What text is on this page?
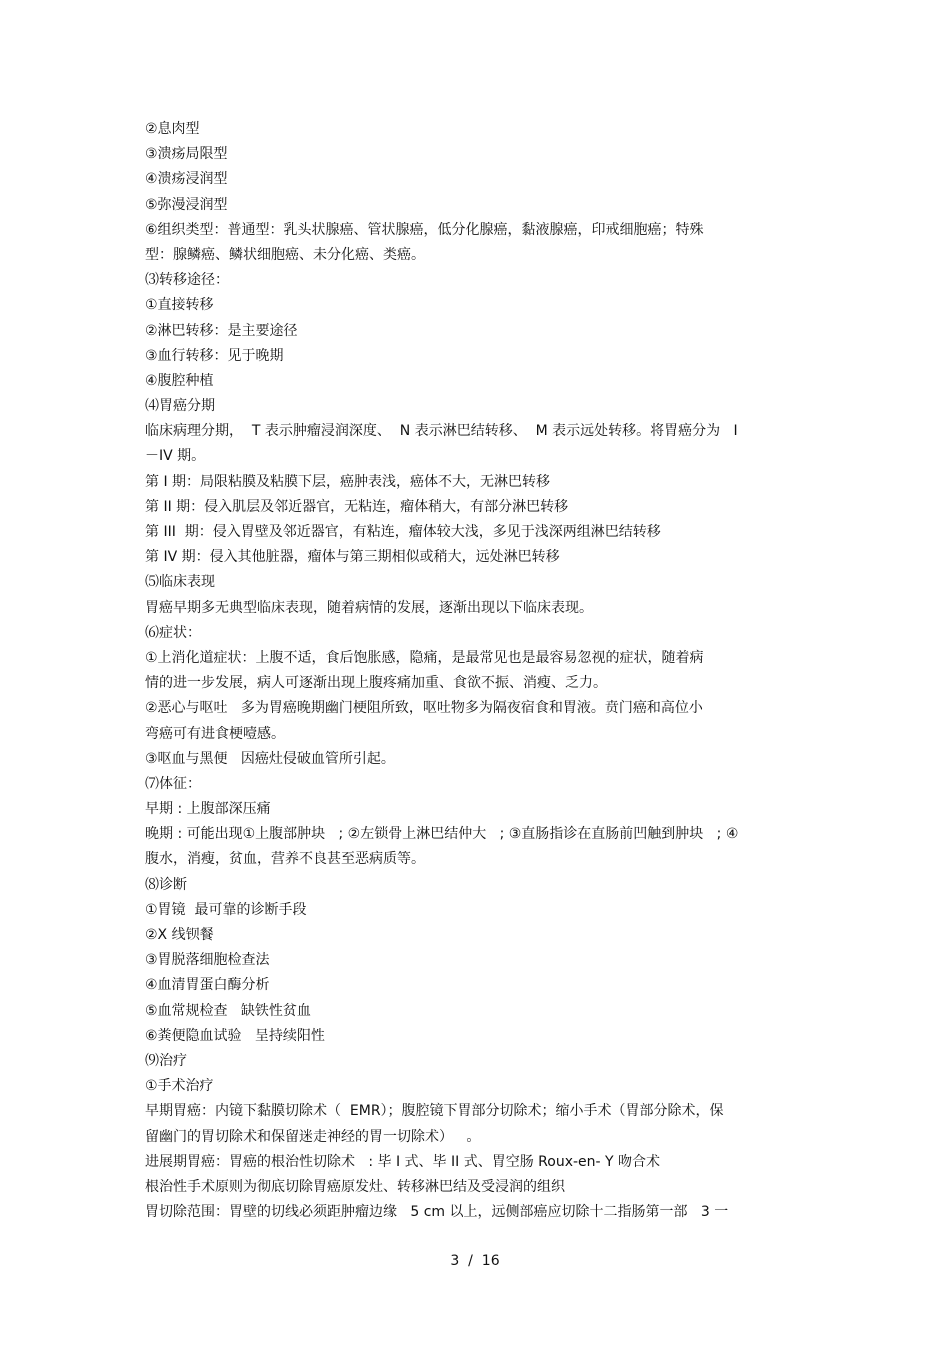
②息肉型
③溃疡局限型
④溃疡浸润型
⑤弥漫浸润型
⑥组织类型：普通型：乳头状腺癌、管状腺癌，低分化腺癌，黏液腺癌，印戒细胞癌；特殊
型：腺鳞癌、鳞状细胞癌、未分化癌、类癌。
⑶转移途径：
①直接转移
②淋巴转移：是主要途径
③血行转移：见于晚期
④腹腔种植
⑷胃癌分期
临床病理分期，  T 表示肿瘤浸润深度、  N 表示淋巴结转移、  M 表示远处转移。将胃癌分为   I
－IV 期。
第 I 期：局限粘膜及粘膜下层，癌肿表浅，癌体不大，无淋巴转移
第 II 期：侵入肌层及邻近器官，无粘连，瘤体稍大，有部分淋巴转移
第 III  期：侵入胃壁及邻近器官，有粘连，瘤体较大浅，多见于浅深两组淋巴结转移
第 IV 期：侵入其他脏器，瘤体与第三期相似或稍大，远处淋巴转移
⑸临床表现
胃癌早期多无典型临床表现，随着病情的发展，逐渐出现以下临床表现。
⑹症状：
①上消化道症状：上腹不适，食后饱胀感，隐痛，是最常见也是最容易忽视的症状，随着病
情的进一步发展，病人可逐渐出现上腹疼痛加重、食欲不振、消瘦、乏力。
②恶心与呕吐   多为胃癌晚期幽门梗阻所致，呕吐物多为隔夜宿食和胃液。贲门癌和高位小
弯癌可有进食梗噎感。
③呕血与黑便   因癌灶侵破血管所引起。
⑺体征：
早期 : 上腹部深压痛
晚期 : 可能出现①上腹部肿块   ; ②左锁骨上淋巴结仲大   ; ③直肠指诊在直肠前凹触到肿块   ; ④
腹水，消瘦，贫血，营养不良甚至恶病质等。
⑻诊断
①胃镜  最可靠的诊断手段
②X 线钡餐
③胃脱落细胞检查法
④血清胃蛋白酶分析
⑤血常规检查   缺铁性贫血
⑥粪便隐血试验   呈持续阳性
⑼治疗
①手术治疗
早期胃癌：内镜下黏膜切除术（  EMR）；腹腔镜下胃部分切除术；缩小手术（胃部分除术，保
留幽门的胃切除术和保留迷走神经的胃一切除术）   。
进展期胃癌：胃癌的根治性切除术   : 毕 I 式、毕 II 式、胃空肠 Roux-en- Y 吻合术
根治性手术原则为彻底切除胃癌原发灶、转移淋巴结及受浸润的组织
胃切除范围：胃壁的切线必须距肿瘤边缘   5 cm 以上，远侧部癌应切除十二指肠第一部   3 一
3  /  16
